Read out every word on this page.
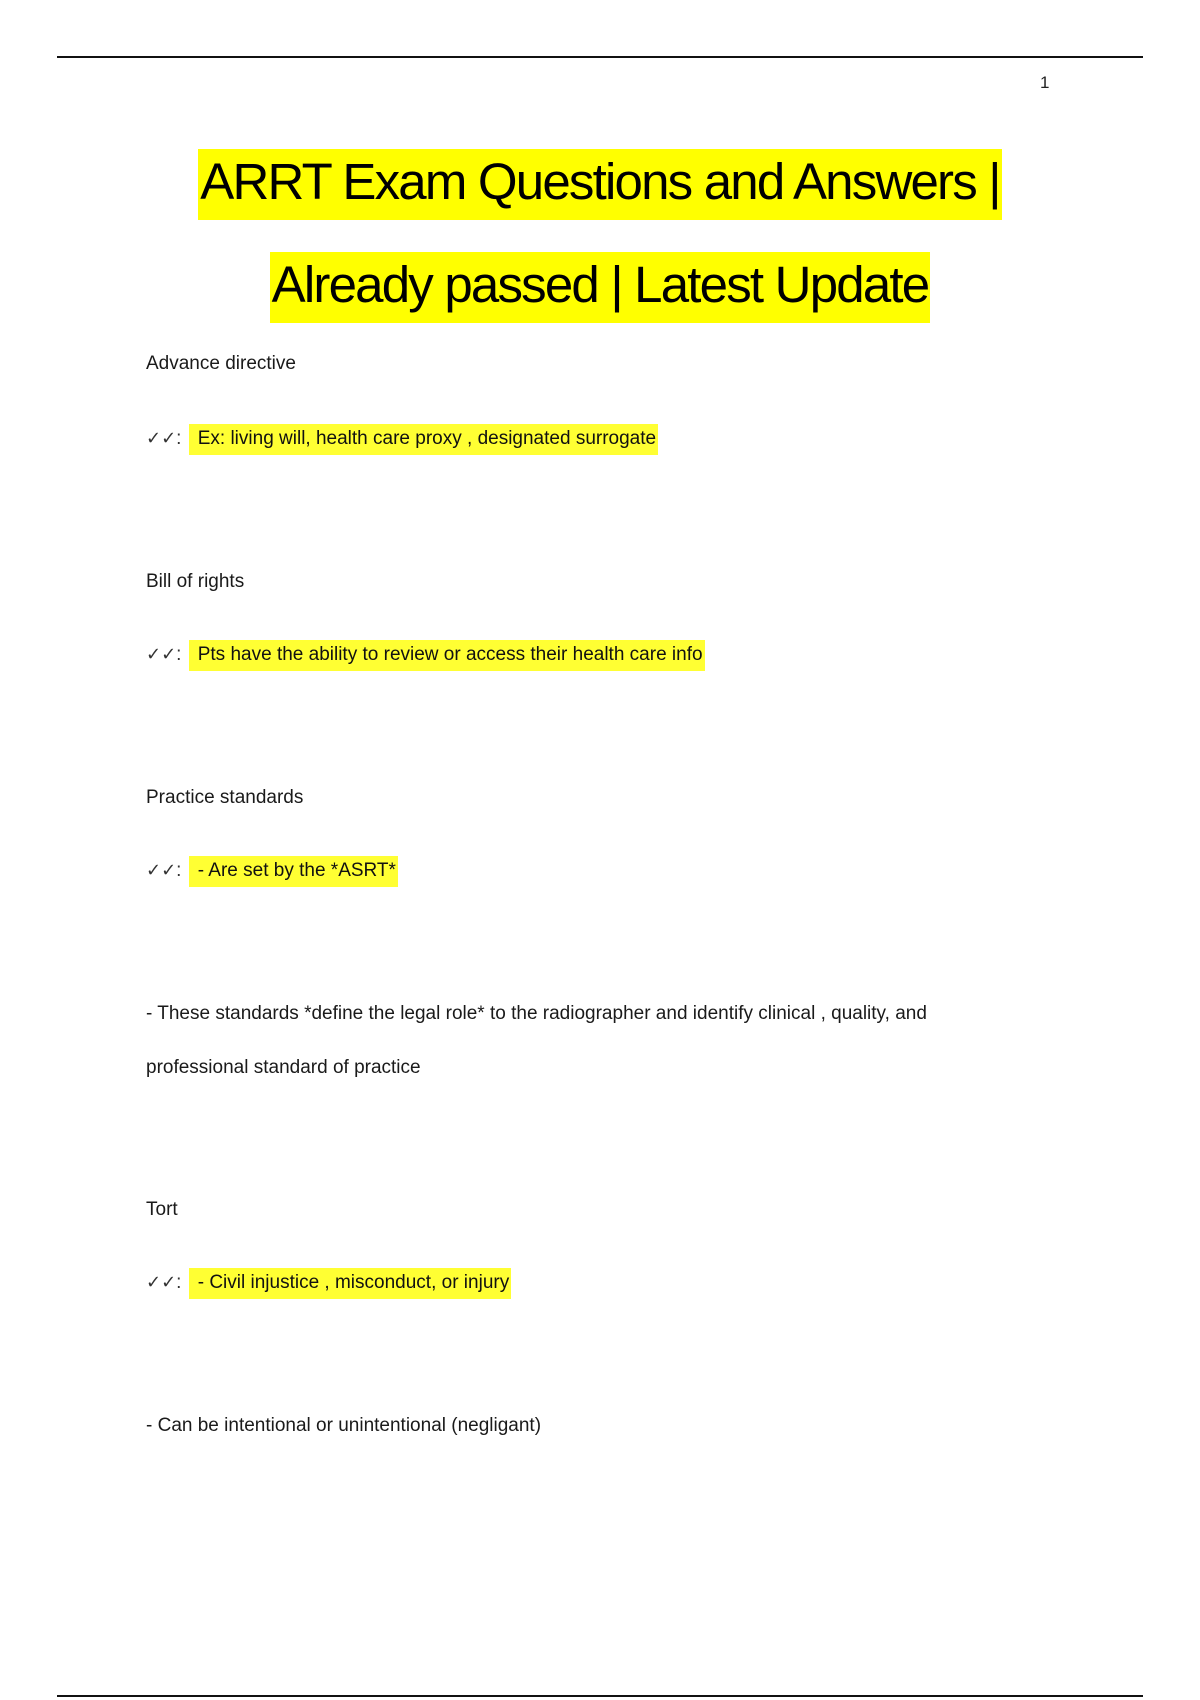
1
ARRT Exam Questions and Answers |
Already passed | Latest Update
Advance directive
✓✓: Ex: living will, health care proxy , designated surrogate
Bill of rights
✓✓: Pts have the ability to review or access their health care info
Practice standards
✓✓: - Are set by the *ASRT*
- These standards *define the legal role* to the radiographer and identify clinical , quality, and
professional standard of practice
Tort
✓✓: - Civil injustice , misconduct, or injury
- Can be intentional or unintentional (negligant)
